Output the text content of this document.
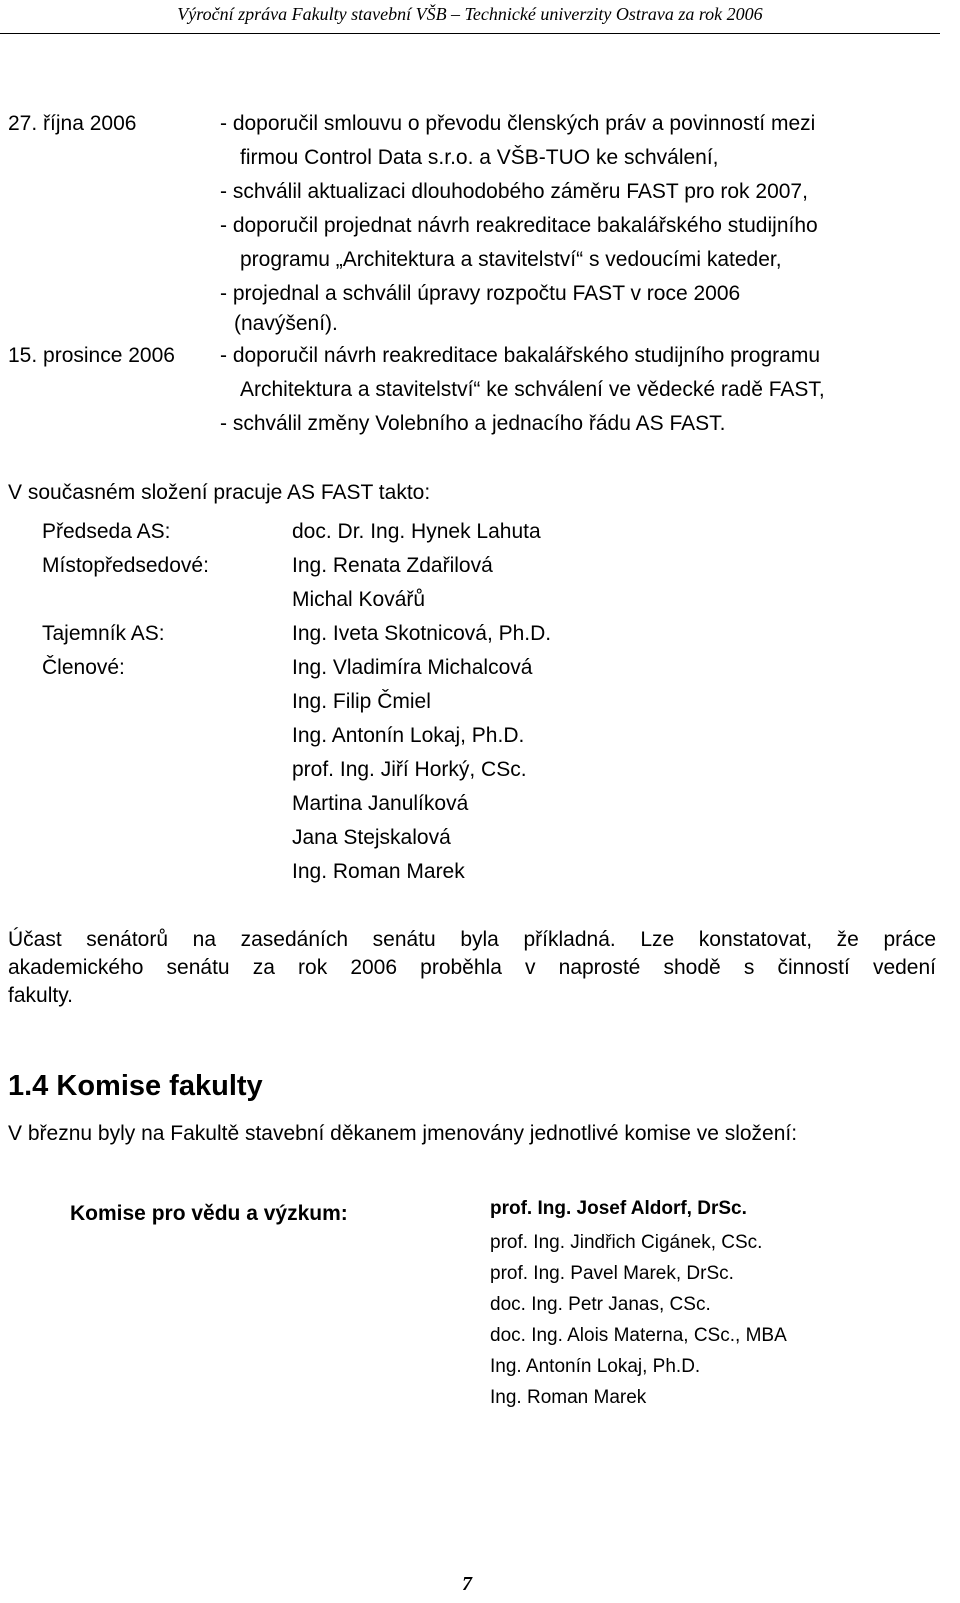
Výroční zpráva Fakulty stavební VŠB – Technické univerzity Ostrava za rok 2006
27. října 2006	- doporučil smlouvu o převodu členských práv a povinností mezi
firmou Control Data s.r.o. a VŠB-TUO ke schválení,
- schválil aktualizaci dlouhodobého záměru FAST pro rok 2007,
- doporučil projednat návrh reakreditace bakalářského studijního
programu „Architektura a stavitelství“ s vedoucími kateder,
- projednal a schválil úpravy rozpočtu FAST v roce 2006
(navýšení).
15. prosince 2006 - doporučil návrh reakreditace bakalářského studijního programu
Architektura a stavitelství“ ke schválení ve vědecké radě FAST,
- schválil změny Volebního a jednacího řádu AS FAST.
V současném složení pracuje AS FAST takto:
Předseda AS:	doc. Dr. Ing. Hynek Lahuta
Místopředsedové:	Ing. Renata Zdařilová
Michal Kovářů
Tajemník AS:	Ing. Iveta Skotnicová, Ph.D.
Členové:	Ing. Vladimíra Michalcová
Ing. Filip Čmiel
Ing. Antonín Lokaj, Ph.D.
prof. Ing. Jiří Horký, CSc.
Martina Janulíková
Jana Stejskalová
Ing. Roman Marek
Účast senátorů na zasedáních senátu byla příkladná. Lze konstatovat, že práce
akademického senátu za rok 2006 proběhla v naprosté shodě s činností vedení
fakulty.
1.4 Komise fakulty
V březnu byly na Fakultě stavební děkanem jmenovány jednotlivé komise ve složení:
Komise pro vědu a výzkum:	prof. Ing. Josef Aldorf, DrSc.
prof. Ing. Jindřich Cigánek, CSc.
prof. Ing. Pavel Marek, DrSc.
doc. Ing. Petr Janas, CSc.
doc. Ing. Alois Materna, CSc., MBA
Ing. Antonín Lokaj, Ph.D.
Ing. Roman Marek
7
